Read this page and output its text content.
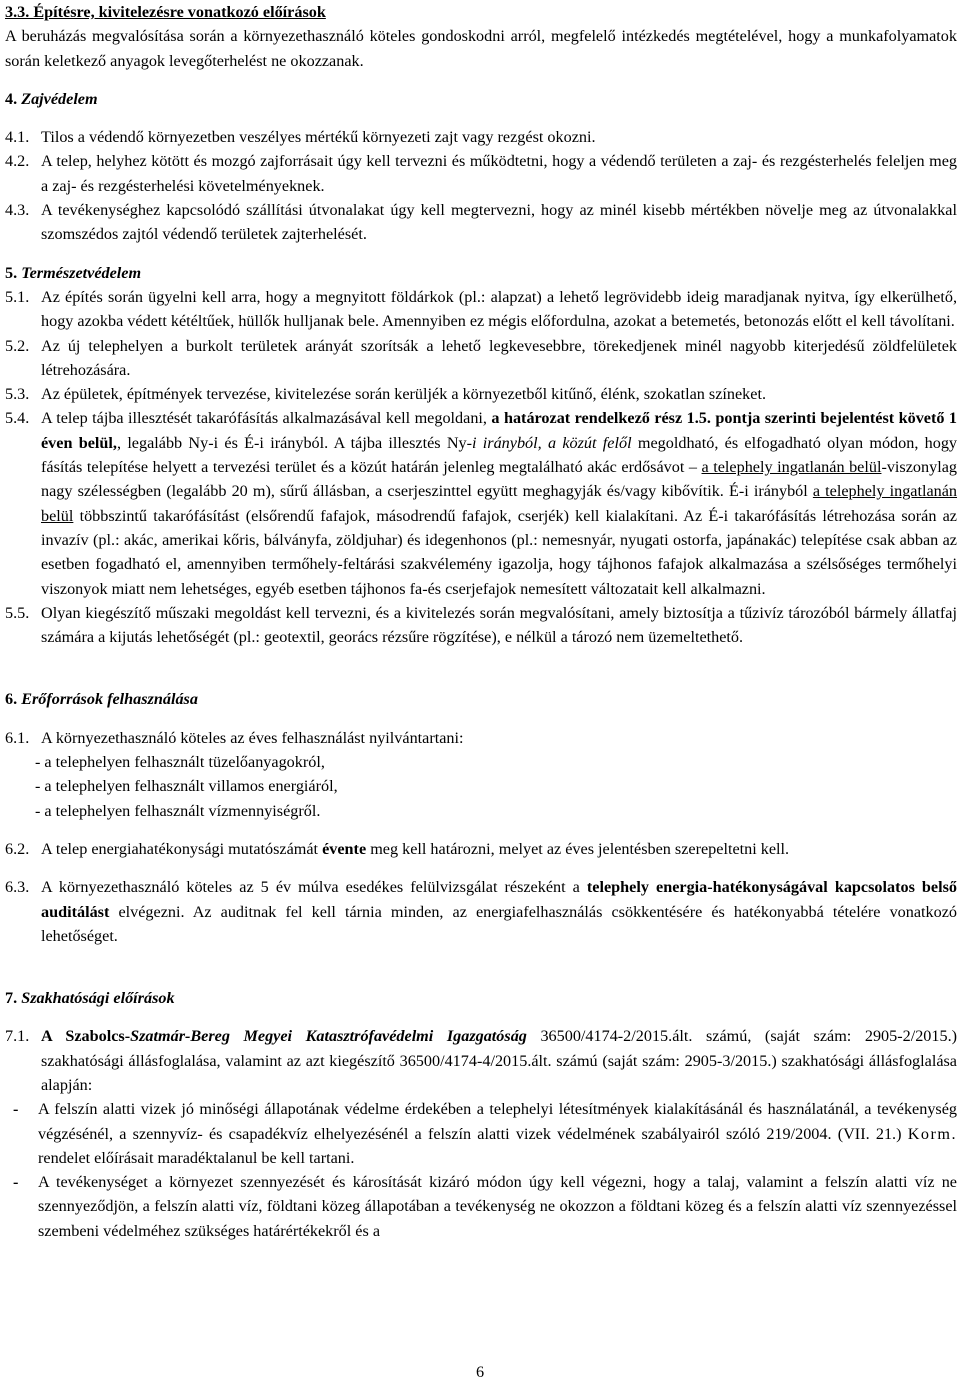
3.3. Építésre, kivitelezésre vonatkozó előírások

A beruházás megvalósítása során a környezethasználó köteles gondoskodni arról, megfelelő intézkedés megtételével, hogy a munkafolyamatok során keletkező anyagok levegőterhelést ne okozzanak.

4. Zajvédelem
4.1. Tilos a védendő környezetben veszélyes mértékű környezeti zajt vagy rezgést okozni.
4.2. A telep, helyhez kötött és mozgó zajforrásait úgy kell tervezni és működtetni, hogy a védendő területen a zaj- és rezgésterhelés feleljen meg a zaj- és rezgésterhelési követelményeknek.
4.3. A tevékenységhez kapcsolódó szállítási útvonalakat úgy kell megtervezni, hogy az minél kisebb mértékben növelje meg az útvonalakkal szomszédos zajtól védendő területek zajterhelését.
5. Természetvédelem
5.1. Az építés során ügyelni kell arra, hogy a megnyitott földárkok (pl.: alapzat) a lehető legrövidebb ideig maradjanak nyitva, így elkerülhető, hogy azokba védett kétéltűek, hüllők hulljanak bele. Amennyiben ez mégis előfordulna, azokat a betemetés, betonozás előtt el kell távolítani.
5.2. Az új telephelyen a burkolt területek arányát szorítsák a lehető legkevesebbre, törekedjenek minél nagyobb kiterjedésű zöldfelületek létrehozására.
5.3. Az épületek, építmények tervezése, kivitelezése során kerüljék a környezetből kitűnő, élénk, szokatlan színeket.
5.4. A telep tájba illesztését takarófásítás alkalmazásával kell megoldani, a határozat rendelkező rész 1.5. pontja szerinti bejelentést követő 1 éven belül,, legalább Ny-i és É-i irányból. A tájba illesztés Ny-i irányból, a közút felől megoldható, és elfogadható olyan módon, hogy fásítás telepítése helyett a tervezési terület és a közút határán jelenleg megtalálható akác erdősávot – a telephely ingatlanán belül-viszonylag nagy szélességben (legalább 20 m), sűrű állásban, a cserjeszinttel együtt meghagyják és/vagy kibővítik. É-i irányból a telephely ingatlanán belül többszintű takarófásítást (elsőrendű fafajok, másodrendű fafajok, cserjék) kell kialakítani. Az É-i takarófásítás létrehozása során az invazív (pl.: akác, amerikai kőris, bálványfa, zöldjuhar) és idegenhonos (pl.: nemesnyár, nyugati ostorfa, japánakác) telepítése csak abban az esetben fogadható el, amennyiben termőhely-feltárási szakvélemény igazolja, hogy tájhonos fafajok alkalmazása a szélsőséges termőhelyi viszonyok miatt nem lehetséges, egyéb esetben tájhonos fa-és cserjefajok nemesített változatait kell alkalmazni.
5.5. Olyan kiegészítő műszaki megoldást kell tervezni, és a kivitelezés során megvalósítani, amely biztosítja a tűzivíz tározóból bármely állatfaj számára a kijutás lehetőségét (pl.: geotextil, georács rézsűre rögzítése), e nélkül a tározó nem üzemeltethető.
6. Erőforrások felhasználása
6.1. A környezethasználó köteles az éves felhasználást nyilvántartani:
- a telephelyen felhasznált tüzelőanyagokról,
- a telephelyen felhasznált villamos energiáról,
- a telephelyen felhasznált vízmennyiségről.
6.2. A telep energiahatékonysági mutatószámát évente meg kell határozni, melyet az éves jelentésben szerepeltetni kell.
6.3. A környezethasználó köteles az 5 év múlva esedékes felülvizsgálat részeként a telephely energia-hatékonyságával kapcsolatos belső auditálást elvégezni. Az auditnak fel kell tárnia minden, az energiafelhasználás csökkentésére és hatékonyabbá tételére vonatkozó lehetőséget.
7. Szakhatósági előírások
7.1. A Szabolcs-Szatmár-Bereg Megyei Katasztrófavédelmi Igazgatóság 36500/4174-2/2015.ált. számú, (saját szám: 2905-2/2015.) szakhatósági állásfoglalása, valamint az azt kiegészítő 36500/4174-4/2015.ált. számú (saját szám: 2905-3/2015.) szakhatósági állásfoglalása alapján:
-	A felszín alatti vizek jó minőségi állapotának védelme érdekében a telephelyi létesítmények kialakításánál és használatánál, a tevékenység végzésénél, a szennyvíz- és csapadékvíz elhelyezésénél a felszín alatti vizek védelmének szabályairól szóló 219/2004. (VII. 21.) Korm. rendelet előírásait maradéktalanul be kell tartani.
-	A tevékenységet a környezet szennyezését és károsítását kizáró módon úgy kell végezni, hogy a talaj, valamint a felszín alatti víz ne szennyeződjön, a felszín alatti víz, földtani közeg állapotában a tevékenység ne okozzon a földtani közeg és a felszín alatti víz szennyezéssel szembeni védelméhez szükséges határértékekről és a
6
